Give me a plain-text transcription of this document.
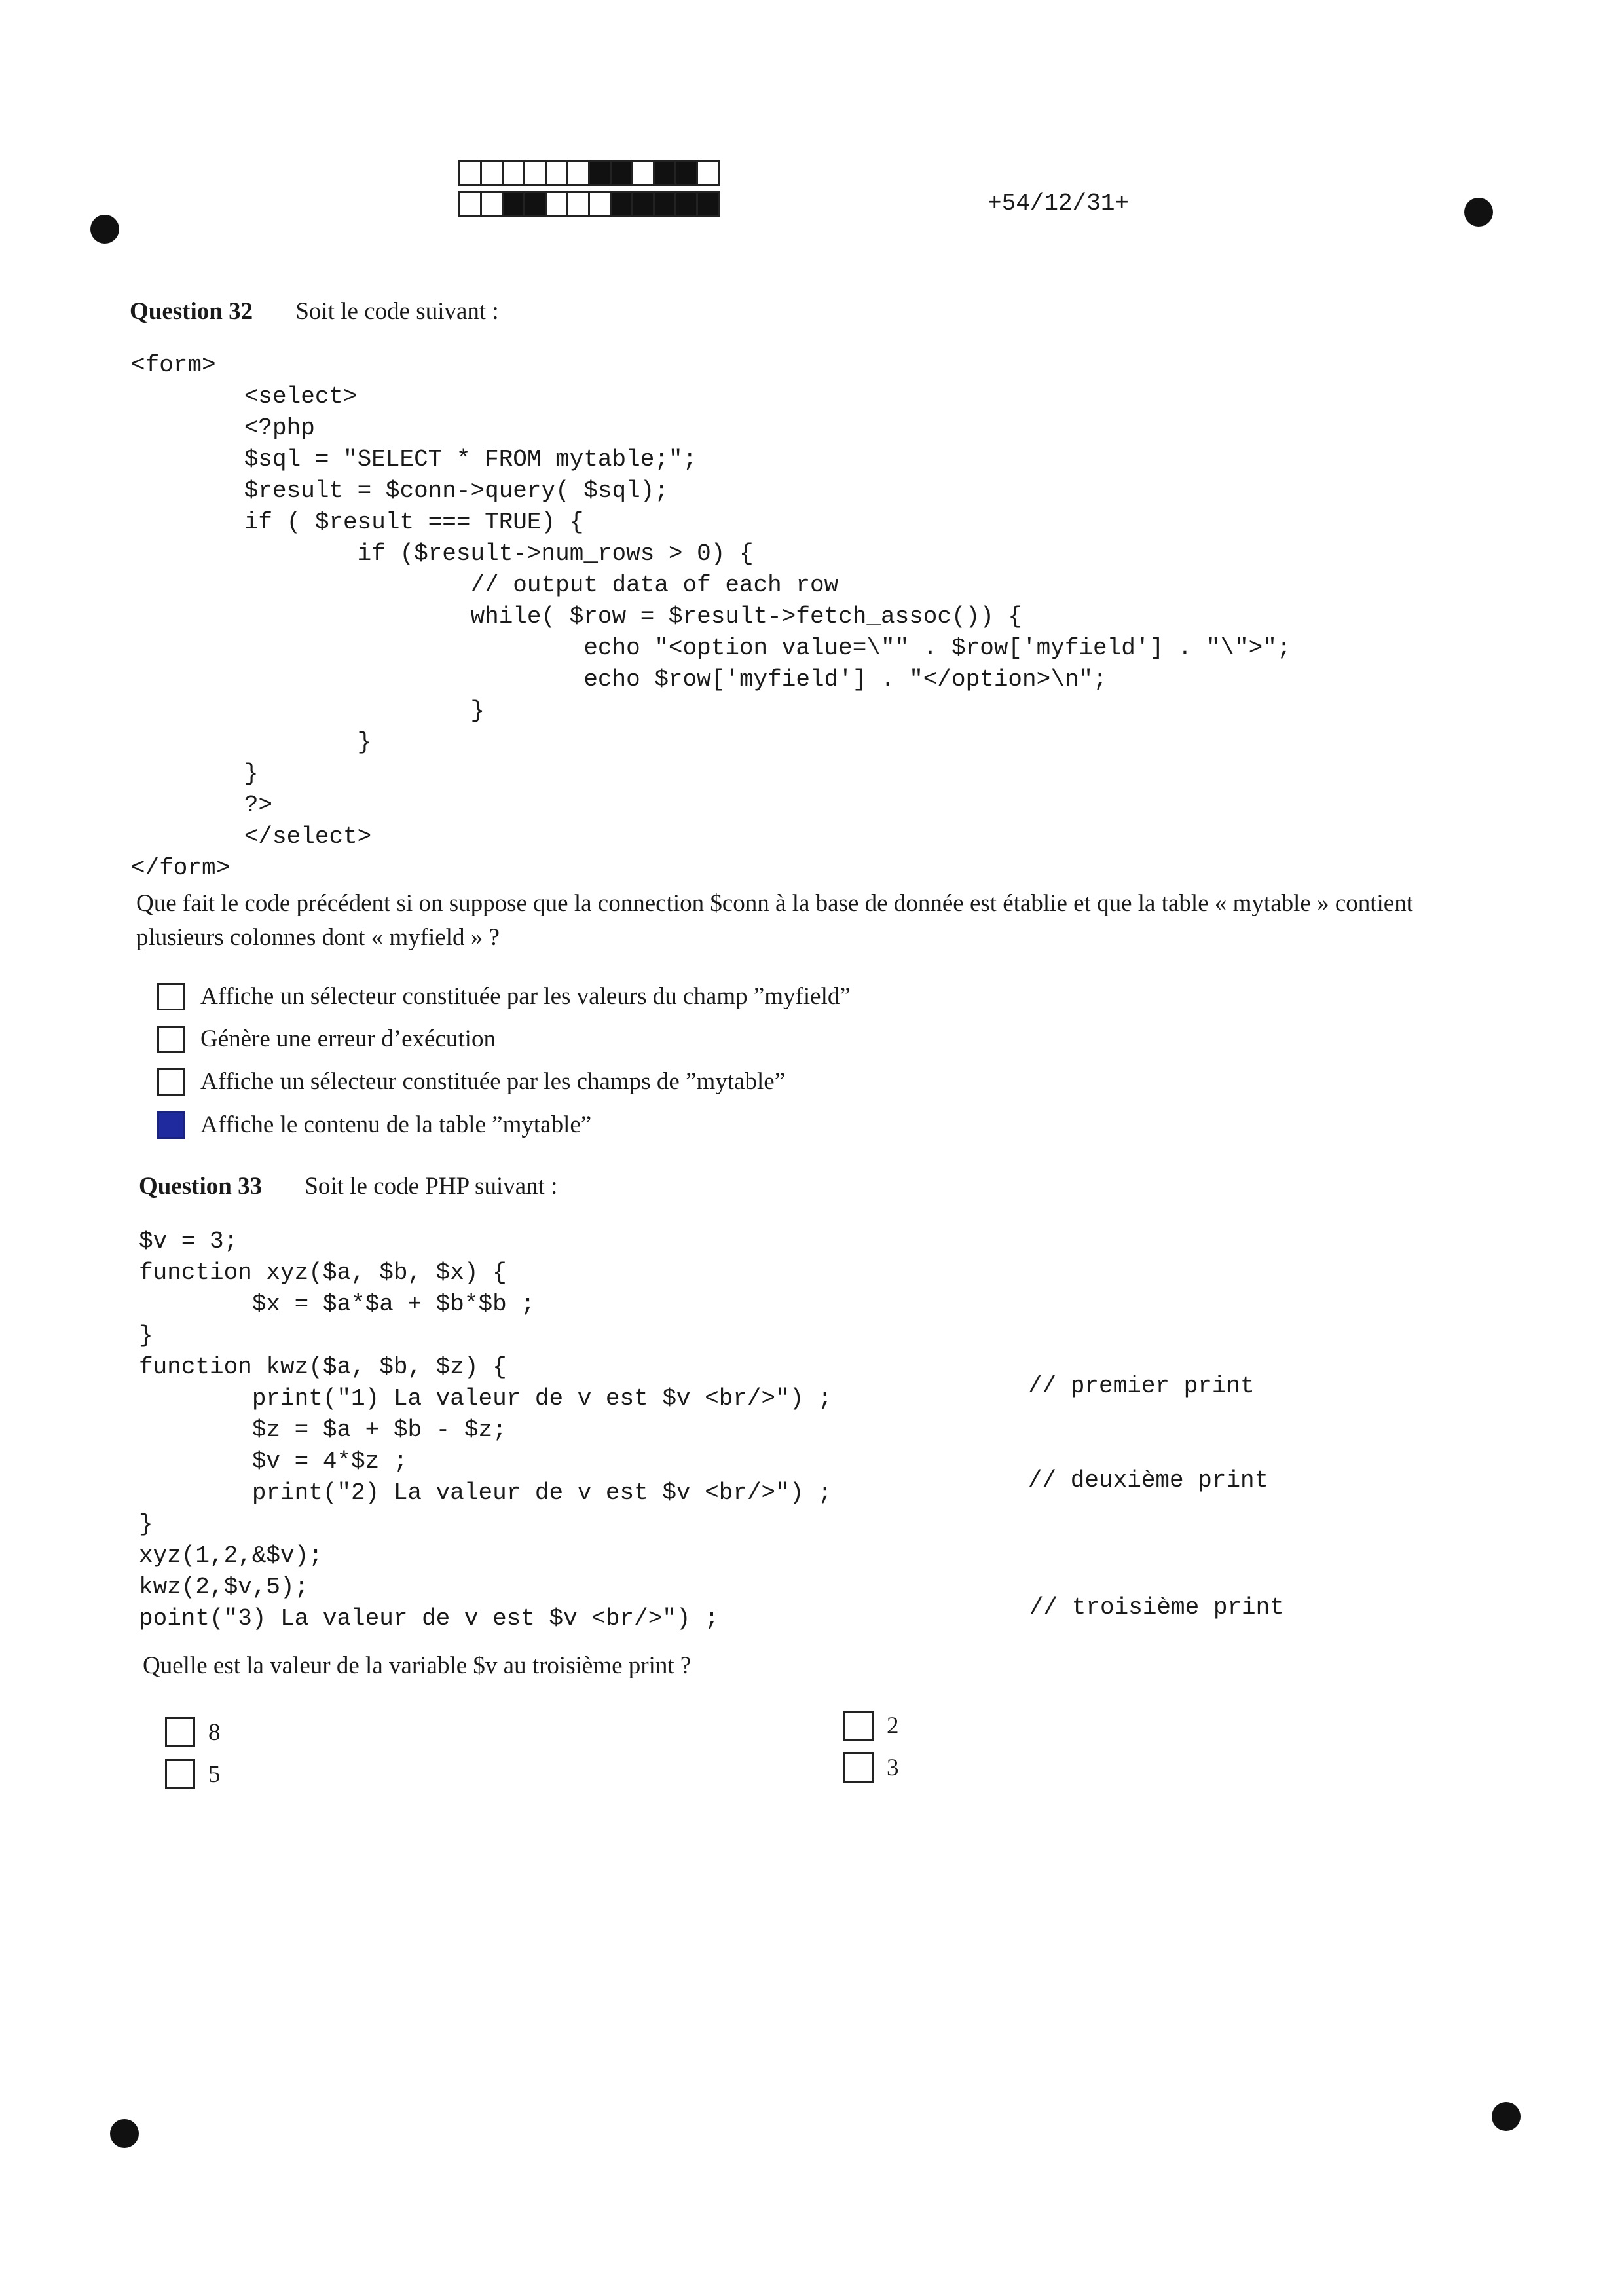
+54/12/31+
Question 32 Soit le code suivant :
<form>
<select>
<?php
$sql = "SELECT * FROM mytable;";
$result = $conn->query( $sql);
if ( $result === TRUE) {
if ($result->num_rows > 0) {
// output data of each row
while( $row = $result->fetch_assoc()) {
echo "<option value=\"" . $row['myfield'] . "\">";
echo $row['myfield'] . "</option>\n";
}
}
}
?>
</select>
</form>
Que fait le code précédent si on suppose que la connection $conn à la base de donnée est établie et que la table « mytable » contient plusieurs colonnes dont « myfield » ?
Affiche un sélecteur constituée par les valeurs du champ ”myfield”
Génère une erreur d’exécution
Affiche un sélecteur constituée par les champs de ”mytable”
Affiche le contenu de la table ”mytable”
Question 33 Soit le code PHP suivant :
$v = 3;
function xyz($a, $b, $x) {
$x = $a*$a + $b*$b ;
}
function kwz($a, $b, $z) {
print("1) La valeur de v est $v <br/>") ;
$z = $a + $b - $z;
$v = 4*$z ;
print("2) La valeur de v est $v <br/>") ;
}
xyz(1,2,&$v);
kwz(2,$v,5);
point("3) La valeur de v est $v <br/>") ;
// premier print
// deuxième print
// troisième print
Quelle est la valeur de la variable $v au troisième print ?
8
5
2
3
